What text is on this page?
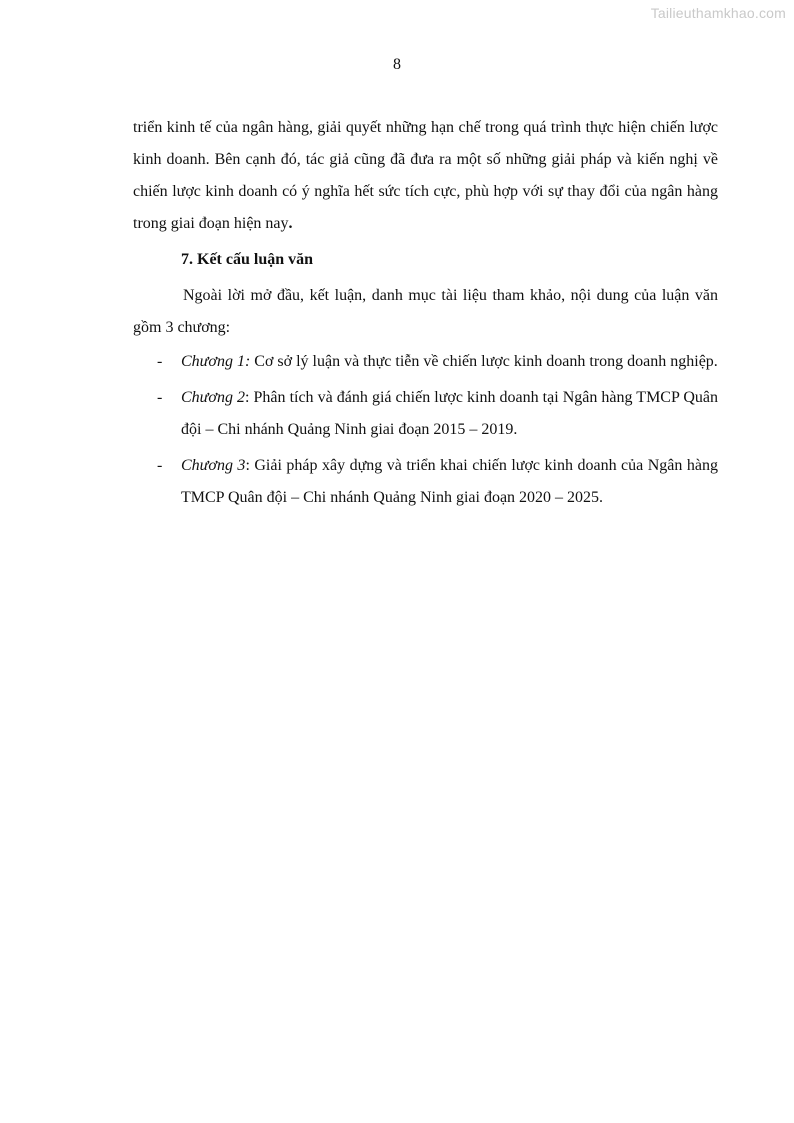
Tailieuthamkhao.com
8

triển kinh tế của ngân hàng, giải quyết những hạn chế trong quá trình thực hiện chiến lược kinh doanh. Bên cạnh đó, tác giả cũng đã đưa ra một số những giải pháp và kiến nghị về chiến lược kinh doanh có ý nghĩa hết sức tích cực, phù hợp với sự thay đổi của ngân hàng trong giai đoạn hiện nay.

7. Kết cấu luận văn

Ngoài lời mở đầu, kết luận, danh mục tài liệu tham khảo, nội dung của luận văn gồm 3 chương:

- Chương 1: Cơ sở lý luận và thực tiễn về chiến lược kinh doanh trong doanh nghiệp.
- Chương 2: Phân tích và đánh giá chiến lược kinh doanh tại Ngân hàng TMCP Quân đội – Chi nhánh Quảng Ninh giai đoạn 2015 – 2019.
- Chương 3: Giải pháp xây dựng và triển khai chiến lược kinh doanh của Ngân hàng TMCP Quân đội – Chi nhánh Quảng Ninh giai đoạn 2020 – 2025.
